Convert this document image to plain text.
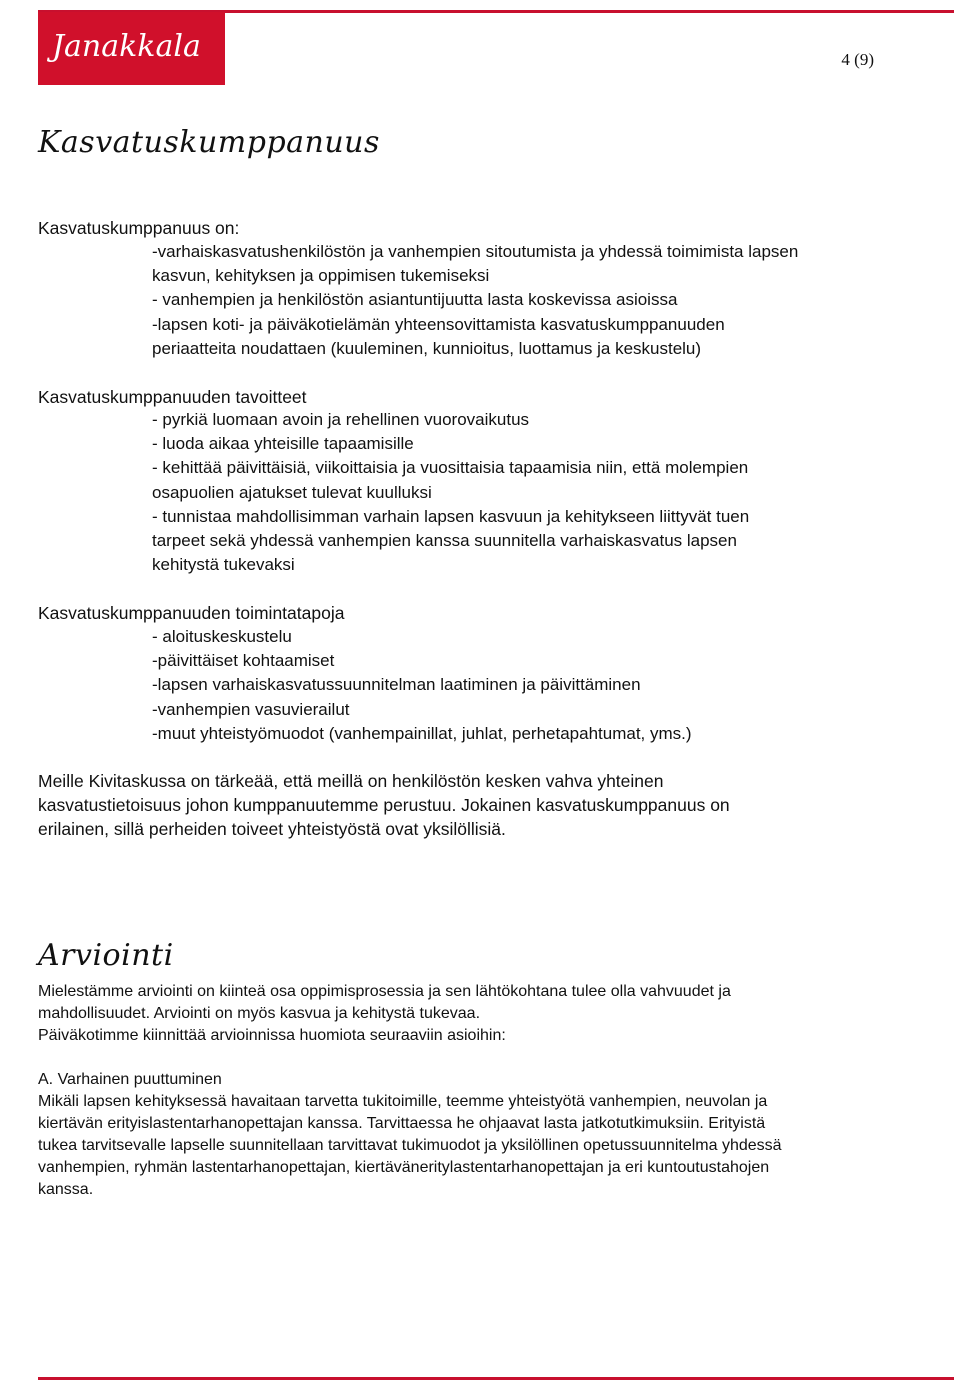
Janakkala	4 (9)
Kasvatuskumppanuus

Kasvatuskumppanuus on:

-varhaiskasvatushenkilöstön ja vanhempien sitoutumista ja yhdessä toimimista lapsen
kasvun, kehityksen ja oppimisen tukemiseksi
- vanhempien ja henkilöstön asiantuntijuutta lasta koskevissa asioissa
-lapsen koti- ja päiväkotielämän yhteensovittamista kasvatuskumppanuuden
periaatteita noudattaen (kuuleminen, kunnioitus, luottamus ja keskustelu)

Kasvatuskumppanuuden tavoitteet

- pyrkiä luomaan avoin ja rehellinen vuorovaikutus
- luoda aikaa yhteisille tapaamisille
- kehittää päivittäisiä, viikoittaisia ja vuosittaisia tapaamisia niin, että molempien
osapuolien ajatukset tulevat kuulluksi
- tunnistaa mahdollisimman varhain lapsen kasvuun ja kehitykseen liittyvät tuen
tarpeet sekä yhdessä vanhempien kanssa suunnitella varhaiskasvatus lapsen
kehitystä tukevaksi

Kasvatuskumppanuuden toimintatapoja

- aloituskeskustelu
-päivittäiset kohtaamiset
-lapsen varhaiskasvatussuunnitelman laatiminen ja päivittäminen
-vanhempien vasuvierailut
-muut yhteistyömuodot (vanhempainillat, juhlat, perhetapahtumat, yms.)
Meille Kivitaskussa on tärkeää, että meillä on henkilöstön kesken vahva yhteinen
kasvatustietoisuus johon kumppanuutemme perustuu. Jokainen kasvatuskumppanuus on
erilainen, sillä perheiden toiveet yhteistyöstä ovat yksilöllisiä.
Arviointi
Mielestämme arviointi on kiinteä osa oppimisprosessia ja sen lähtökohtana tulee olla vahvuudet ja
mahdollisuudet. Arviointi on myös kasvua ja kehitystä tukevaa.
Päiväkotimme kiinnittää arvioinnissa huomiota seuraaviin asioihin:

A. Varhainen puuttuminen

Mikäli lapsen kehityksessä havaitaan tarvetta tukitoimille, teemme yhteistyötä vanhempien, neuvolan ja
kiertävän erityislastentarhanopettajan kanssa. Tarvittaessa he ohjaavat lasta jatkotutkimuksiin. Erityistä
tukea tarvitsevalle lapselle suunnitellaan tarvittavat tukimuodot ja yksilöllinen opetussuunnitelma yhdessä
vanhempien, ryhmän lastentarhanopettajan, kiertäväneritylastentarhanopettajan ja eri kuntoutustahojen
kanssa.
